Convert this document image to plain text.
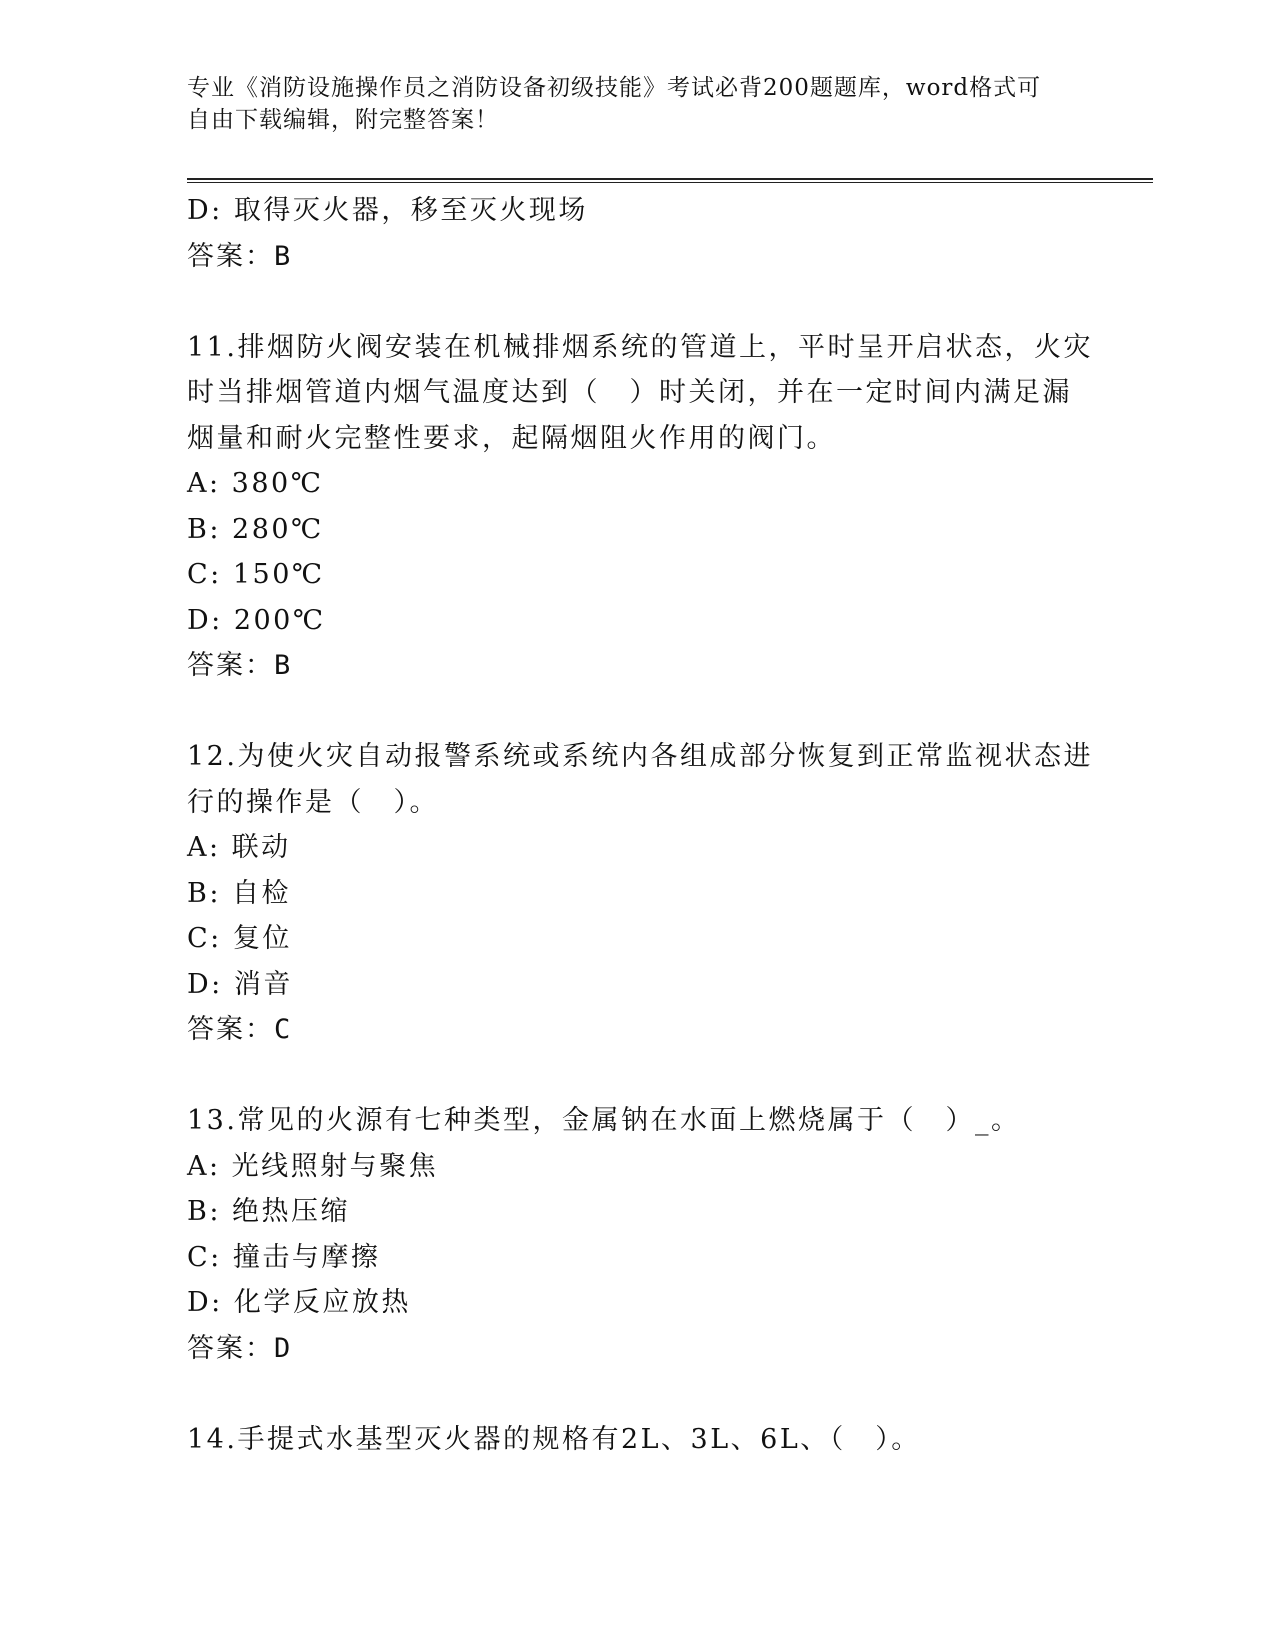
专业《消防设施操作员之消防设备初级技能》考试必背200题题库，word格式可
自由下载编辑，附完整答案！
D: 取得灭火器，移至灭火现场
答案：B
11.排烟防火阀安装在机械排烟系统的管道上，平时呈开启状态，火灾
时当排烟管道内烟气温度达到（　）时关闭，并在一定时间内满足漏
烟量和耐火完整性要求，起隔烟阻火作用的阀门。
A: 380℃
B: 280℃
C: 150℃
D: 200℃
答案：B
12.为使火灾自动报警系统或系统内各组成部分恢复到正常监视状态进
行的操作是（　）。
A: 联动
B: 自检
C: 复位
D: 消音
答案：C
13.常见的火源有七种类型，金属钠在水面上燃烧属于（　）_。
A: 光线照射与聚焦
B: 绝热压缩
C: 撞击与摩擦
D: 化学反应放热
答案：D
14.手提式水基型灭火器的规格有2L、3L、6L、（　）。
